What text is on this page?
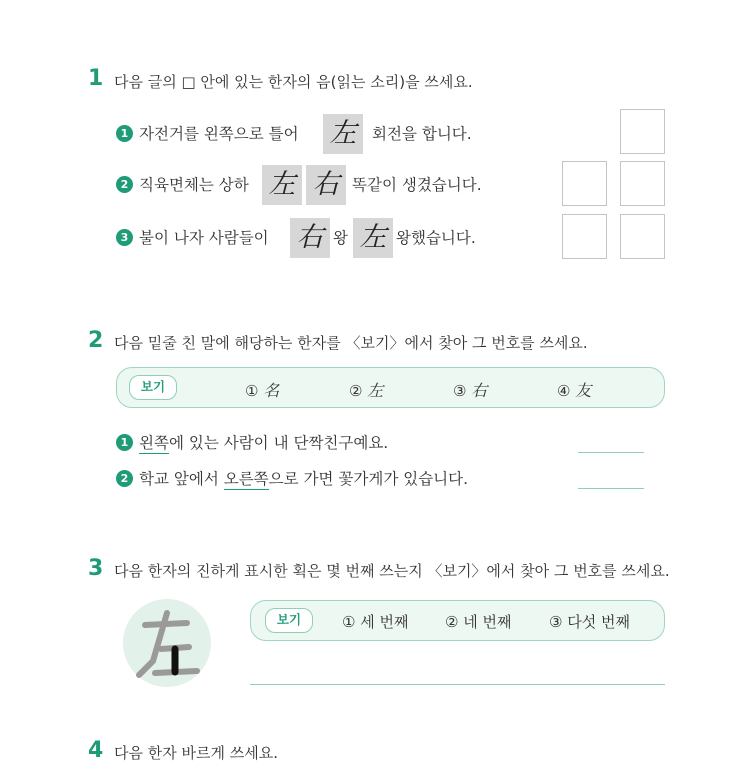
1 다음 글의 □ 안에 있는 한자의 음(읽는 소리)을 쓰세요.
1 자전거를 왼쪽으로 틀어 左	회전을 합니다.
2 직육면체는 상하 左 右 똑같이 생겼습니다.
3 불이 나자 사람들이 右 왕 左 왕했습니다.
2 다음 밑줄 친 말에 해당하는 한자를 〈보기〉에서 찾아 그 번호를 쓰세요.
보기	① 名	② 左	③ 右	④ 友
1 왼쪽에 있는 사람이 내 단짝친구예요.
2 학교 앞에서 오른쪽으로 가면 꽃가게가 있습니다.
3 다음 한자의 진하게 표시한 획은 몇 번째 쓰는지 〈보기〉에서 찾아 그 번호를 쓰세요.
보기	① 세 번째 ② 네 번째	③ 다섯 번째
4 다음 한자 바르게 쓰세요.
